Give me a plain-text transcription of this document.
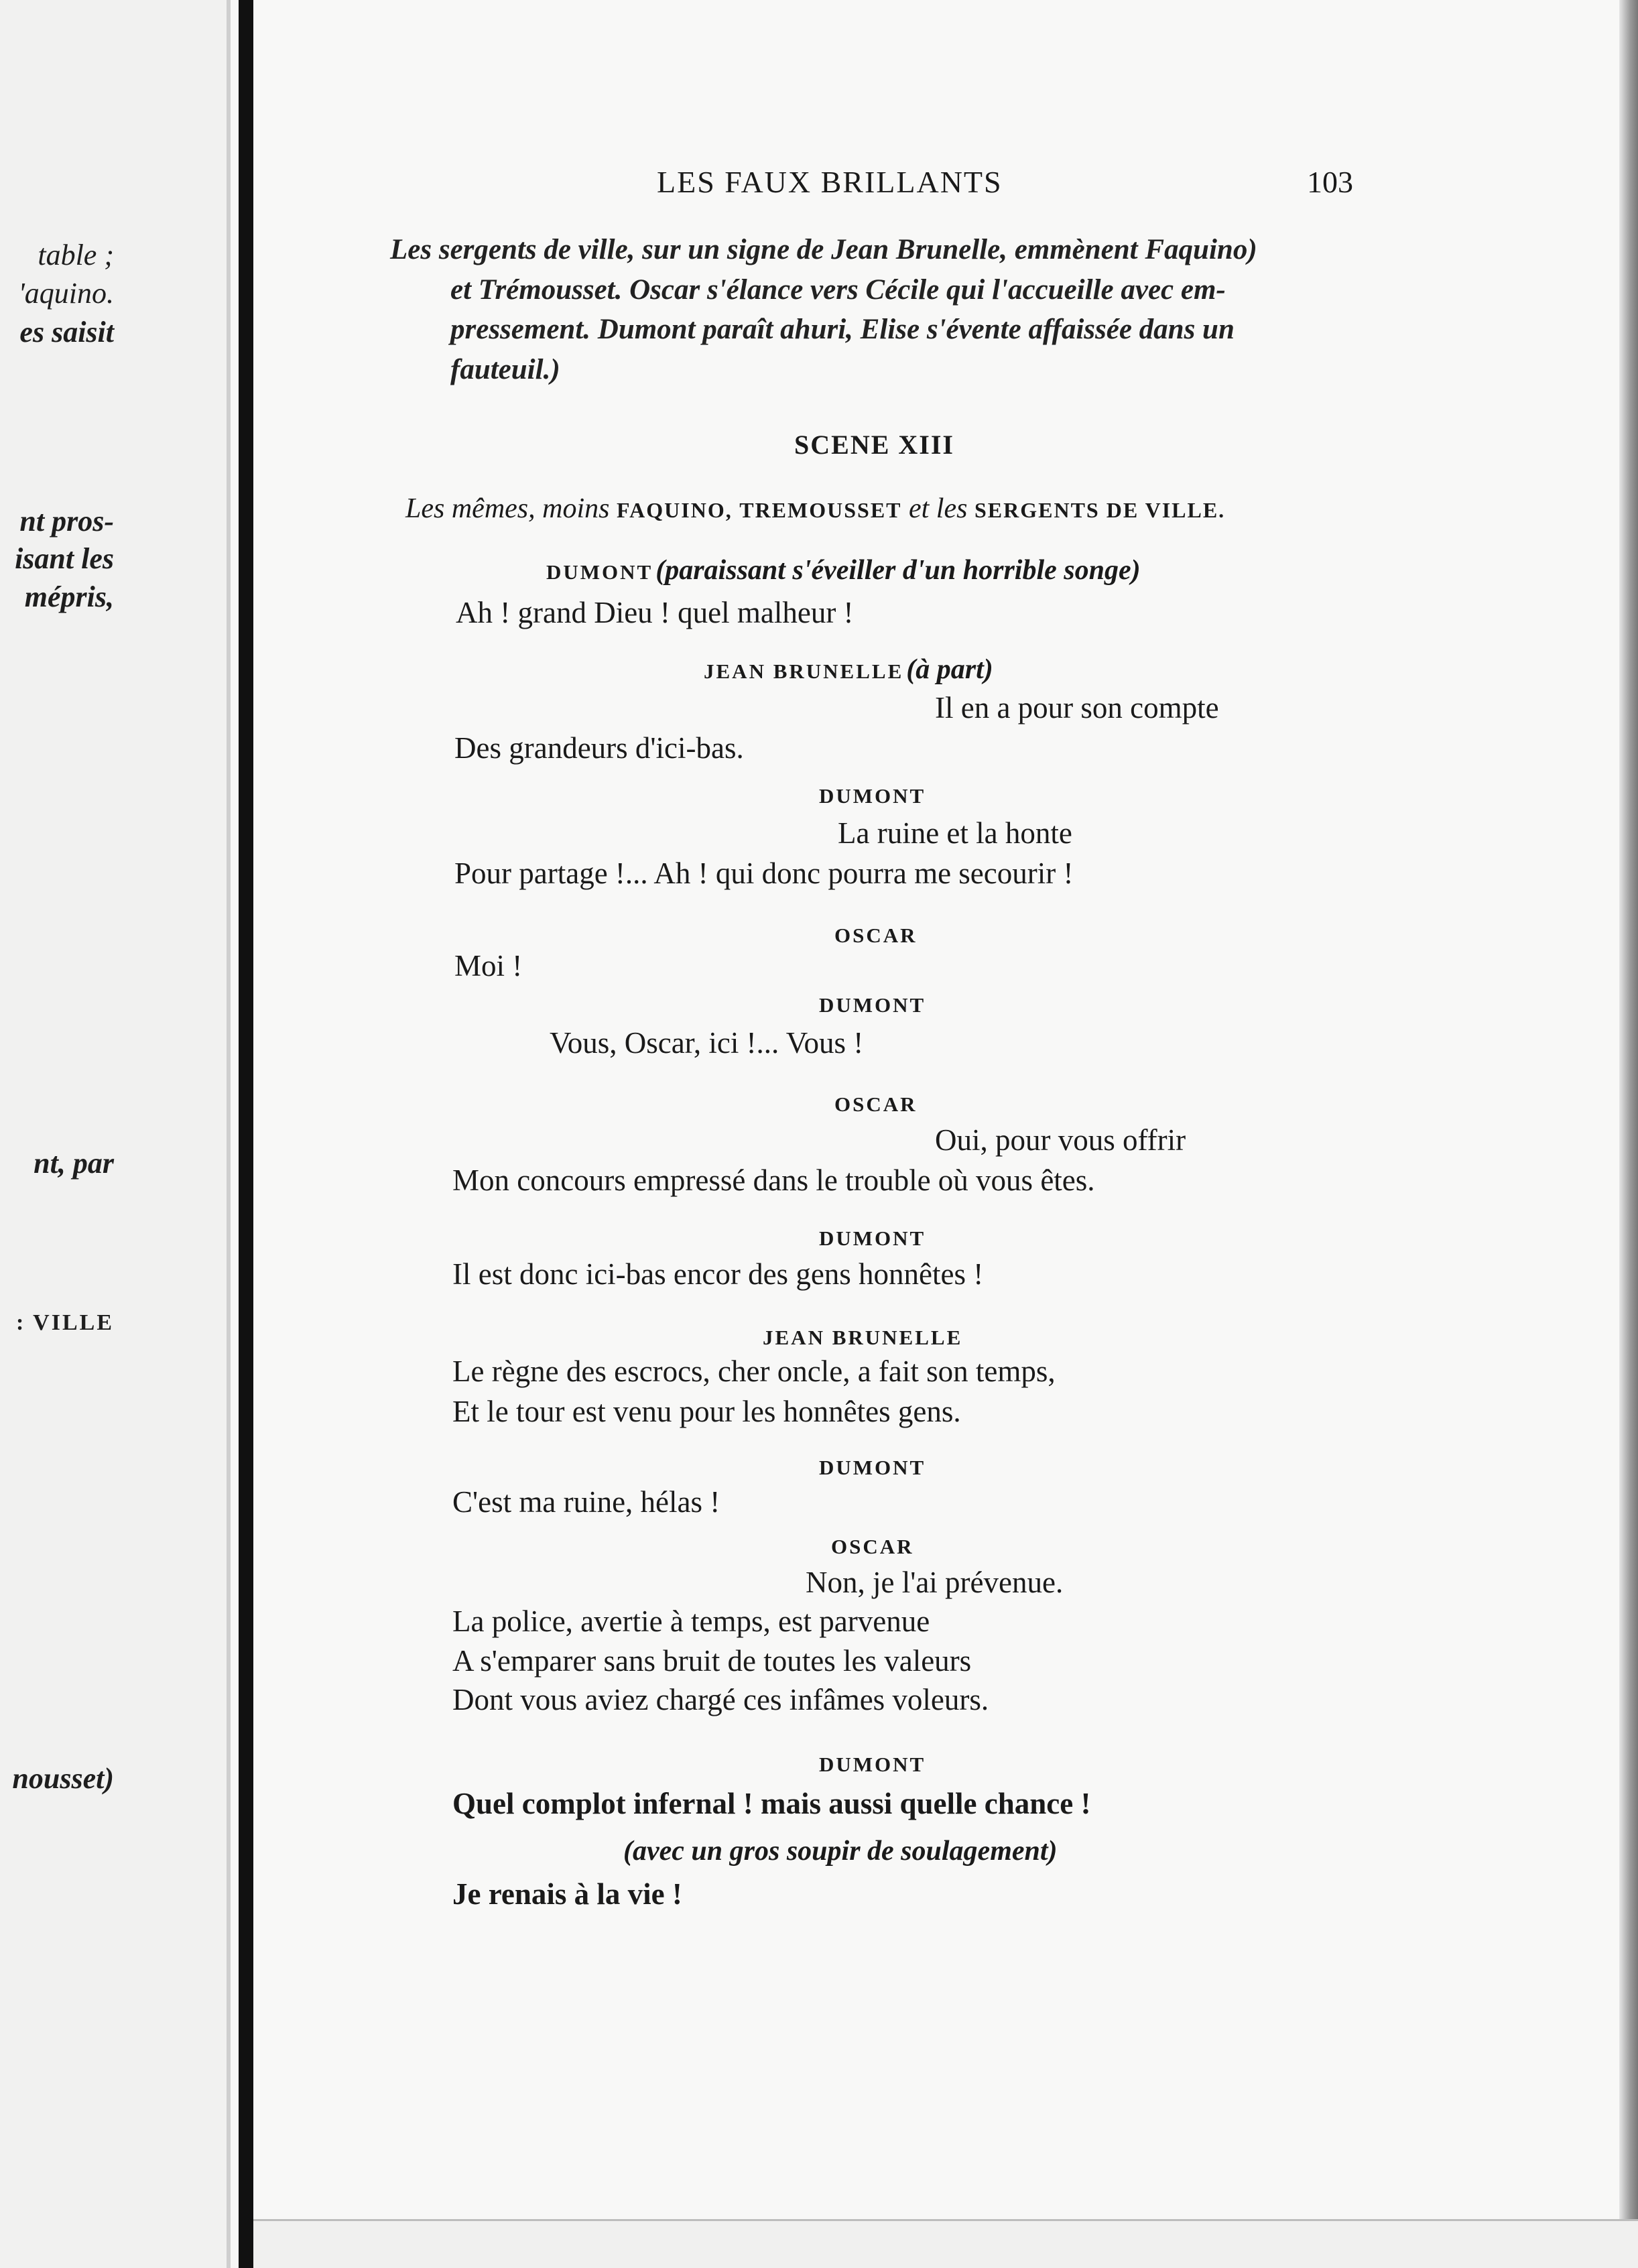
table ;
'aquino.
es saisit
nt pros-
isant les
mépris,
nt, par
: VILLE
nousset)
LES FAUX BRILLANTS	103
Les sergents de ville, sur un signe de Jean Brunelle, emmènent Faquino)
et Trémousset. Oscar s'élance vers Cécile qui l'accueille avec em-
pressement. Dumont paraît ahuri, Elise s'évente affaissée dans un
fauteuil.)
SCENE XIII
Les mêmes, moins FAQUINO, TREMOUSSET et les SERGENTS DE VILLE.
DUMONT (paraissant s'éveiller d'un horrible songe)
Ah ! grand Dieu ! quel malheur !
JEAN BRUNELLE (à part)
Il en a pour son compte
Des grandeurs d'ici-bas.
DUMONT
La ruine et la honte
Pour partage !... Ah ! qui donc pourra me secourir !
OSCAR
Moi !
DUMONT
Vous, Oscar, ici !... Vous !
OSCAR
Oui, pour vous offrir
Mon concours empressé dans le trouble où vous êtes.
DUMONT
Il est donc ici-bas encor des gens honnêtes !
JEAN BRUNELLE
Le règne des escrocs, cher oncle, a fait son temps,
Et le tour est venu pour les honnêtes gens.
DUMONT
C'est ma ruine, hélas !
OSCAR
Non, je l'ai prévenue.
La police, avertie à temps, est parvenue
A s'emparer sans bruit de toutes les valeurs
Dont vous aviez chargé ces infâmes voleurs.
DUMONT
Quel complot infernal ! mais aussi quelle chance !
(avec un gros soupir de soulagement)
Je renais à la vie !
